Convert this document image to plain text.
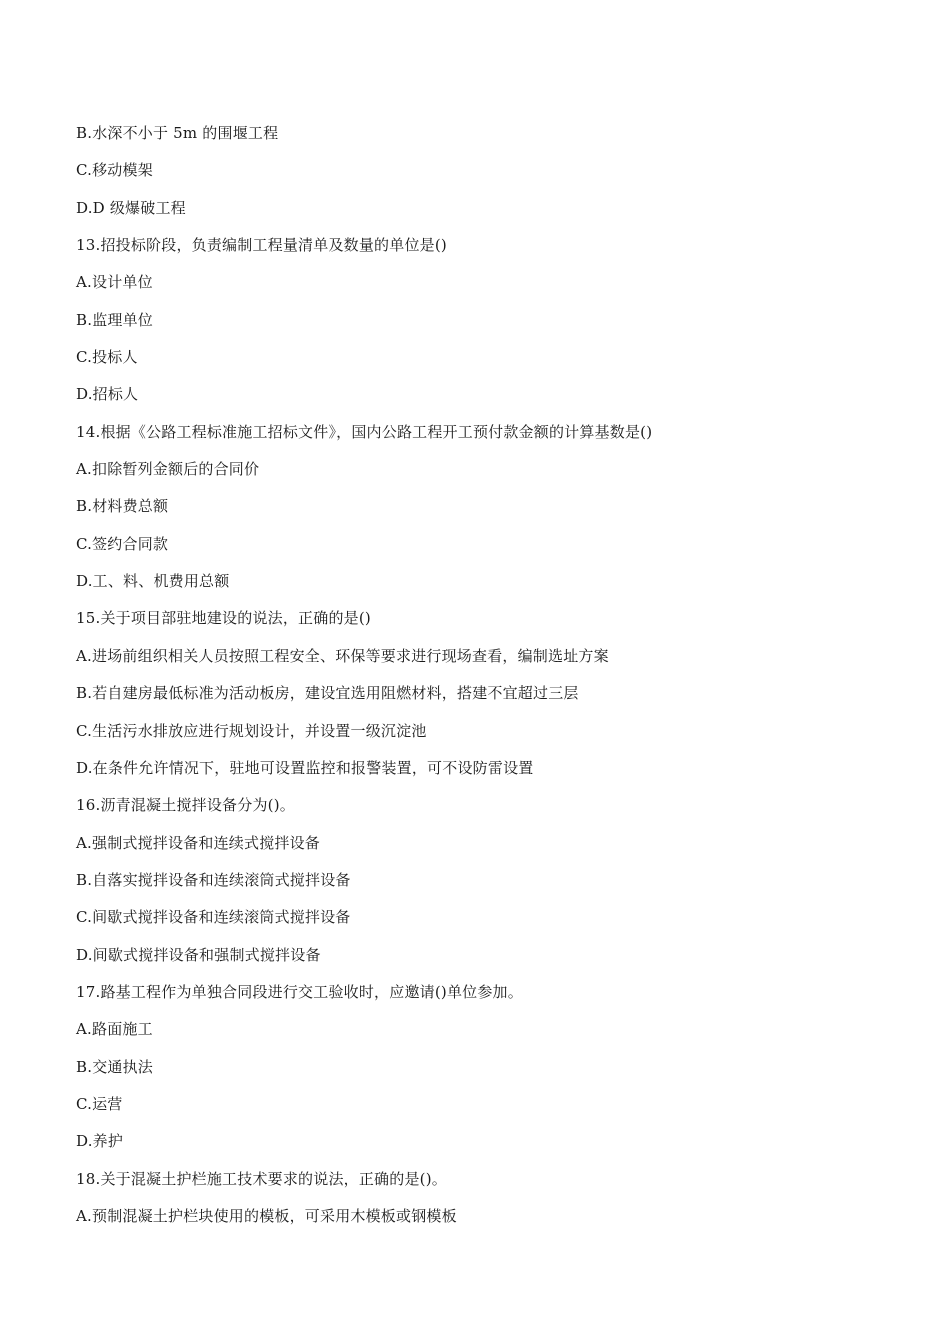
B.水深不小于 5m 的围堰工程
C.移动模架
D.D 级爆破工程
13.招投标阶段，负责编制工程量清单及数量的单位是()
A.设计单位
B.监理单位
C.投标人
D.招标人
14.根据《公路工程标准施工招标文件》，国内公路工程开工预付款金额的计算基数是()
A.扣除暂列金额后的合同价
B.材料费总额
C.签约合同款
D.工、料、机费用总额
15.关于项目部驻地建设的说法，正确的是()
A.进场前组织相关人员按照工程安全、环保等要求进行现场查看，编制选址方案
B.若自建房最低标准为活动板房，建设宜选用阻燃材料，搭建不宜超过三层
C.生活污水排放应进行规划设计，并设置一级沉淀池
D.在条件允许情况下，驻地可设置监控和报警装置，可不设防雷设置
16.沥青混凝土搅拌设备分为()。
A.强制式搅拌设备和连续式搅拌设备
B.自落实搅拌设备和连续滚筒式搅拌设备
C.间歇式搅拌设备和连续滚筒式搅拌设备
D.间歇式搅拌设备和强制式搅拌设备
17.路基工程作为单独合同段进行交工验收时，应邀请()单位参加。
A.路面施工
B.交通执法
C.运营
D.养护
18.关于混凝土护栏施工技术要求的说法，正确的是()。
A.预制混凝土护栏块使用的模板，可采用木模板或钢模板
